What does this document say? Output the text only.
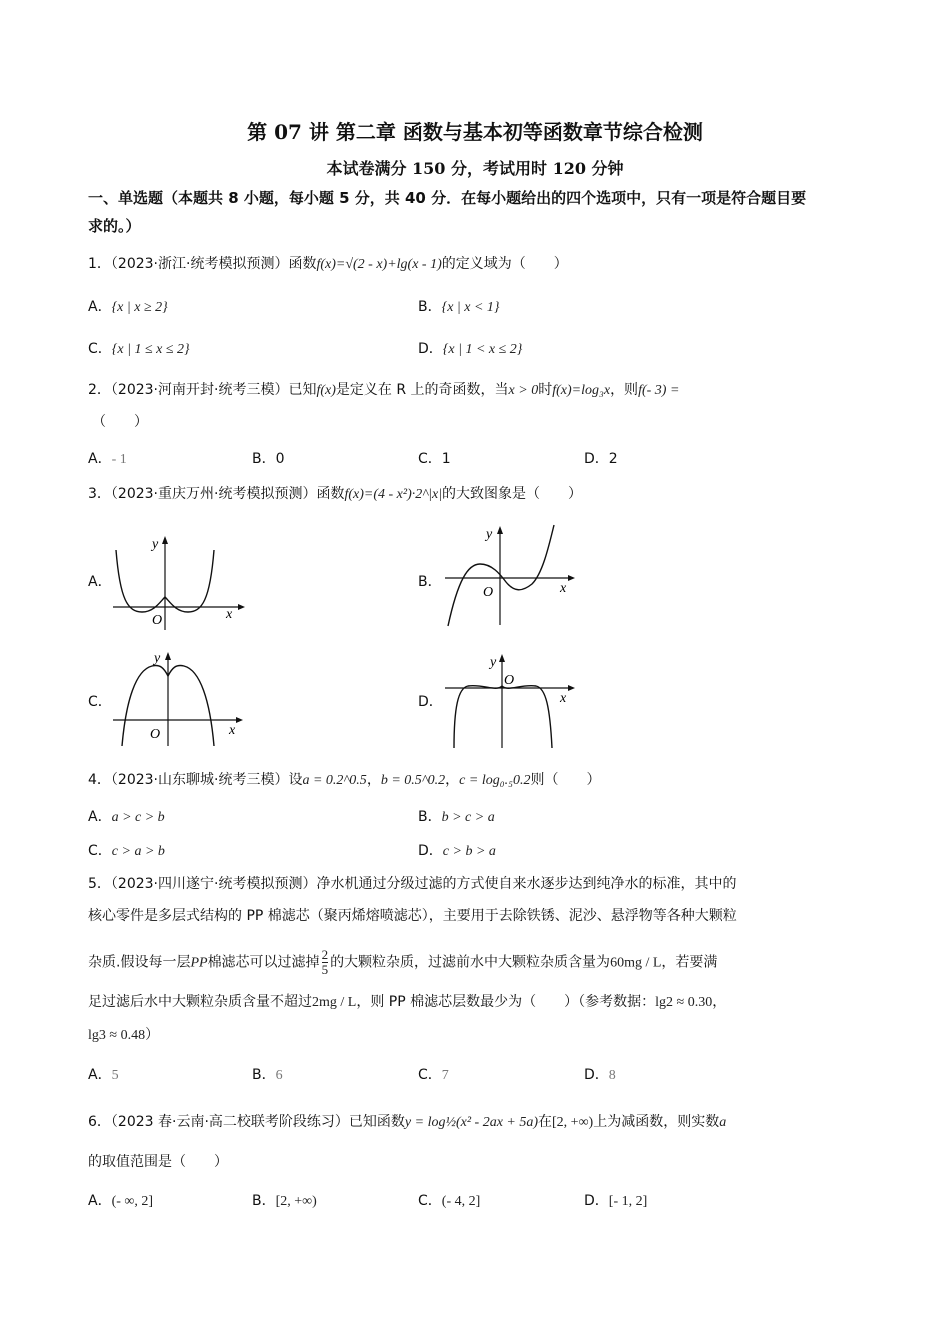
第 07 讲 第二章 函数与基本初等函数章节综合检测
本试卷满分 150 分，考试用时 120 分钟
一、单选题（本题共 8 小题，每小题 5 分，共 40 分．在每小题给出的四个选项中，只有一项是符合题目要
求的。）
1．（2023·浙江·统考模拟预测）函数f(x)=√(2 - x)+lg(x - 1)的定义域为（　　）
A．{x | x ≥ 2}	B．{x | x < 1}
C．{x | 1 ≤ x ≤ 2}	D．{x | 1 < x ≤ 2}
2．（2023·河南开封·统考三模）已知f(x)是定义在 R 上的奇函数，当x > 0时f(x)=log₃x，则f(- 3) =
（　　）
A．- 1	B．0	C．1	D．2
3．（2023·重庆万州·统考模拟预测）函数f(x)=(4 - x²)·2^|x|的大致图象是（　　）
A．
x
y
O
B．	x
y
O
C．
x
y
O
D．	x
y
O
4．（2023·山东聊城·统考三模）设a = 0.2^0.5，b = 0.5^0.2，c = log₀.₅0.2则（　　）
A．a > c > b	B．b > c > a
C．c > a > b	D．c > b > a
5．（2023·四川遂宁·统考模拟预测）净水机通过分级过滤的方式使自来水逐步达到纯净水的标准，其中的
核心零件是多层式结构的 PP 棉滤芯（聚丙烯熔喷滤芯），主要用于去除铁锈、泥沙、悬浮物等各种大颗粒
杂质.假设每一层PP棉滤芯可以过滤掉 $\frac{2}{5}$ 的大颗粒杂质，过滤前水中大颗粒杂质含量为60mg / L，若要满
足过滤后水中大颗粒杂质含量不超过2mg / L，则 PP 棉滤芯层数最少为（　　）（参考数据：lg2 ≈ 0.30，
lg3 ≈ 0.48）
A．5	B．6	C．7	D．8
6．（2023 春·云南·高二校联考阶段练习）已知函数y = log½(x² - 2ax + 5a)在[2, +∞)上为减函数，则实数a
的取值范围是（　　）
A．(- ∞, 2]	B．[2, +∞)	C．(- 4, 2]	D．[- 1, 2]
